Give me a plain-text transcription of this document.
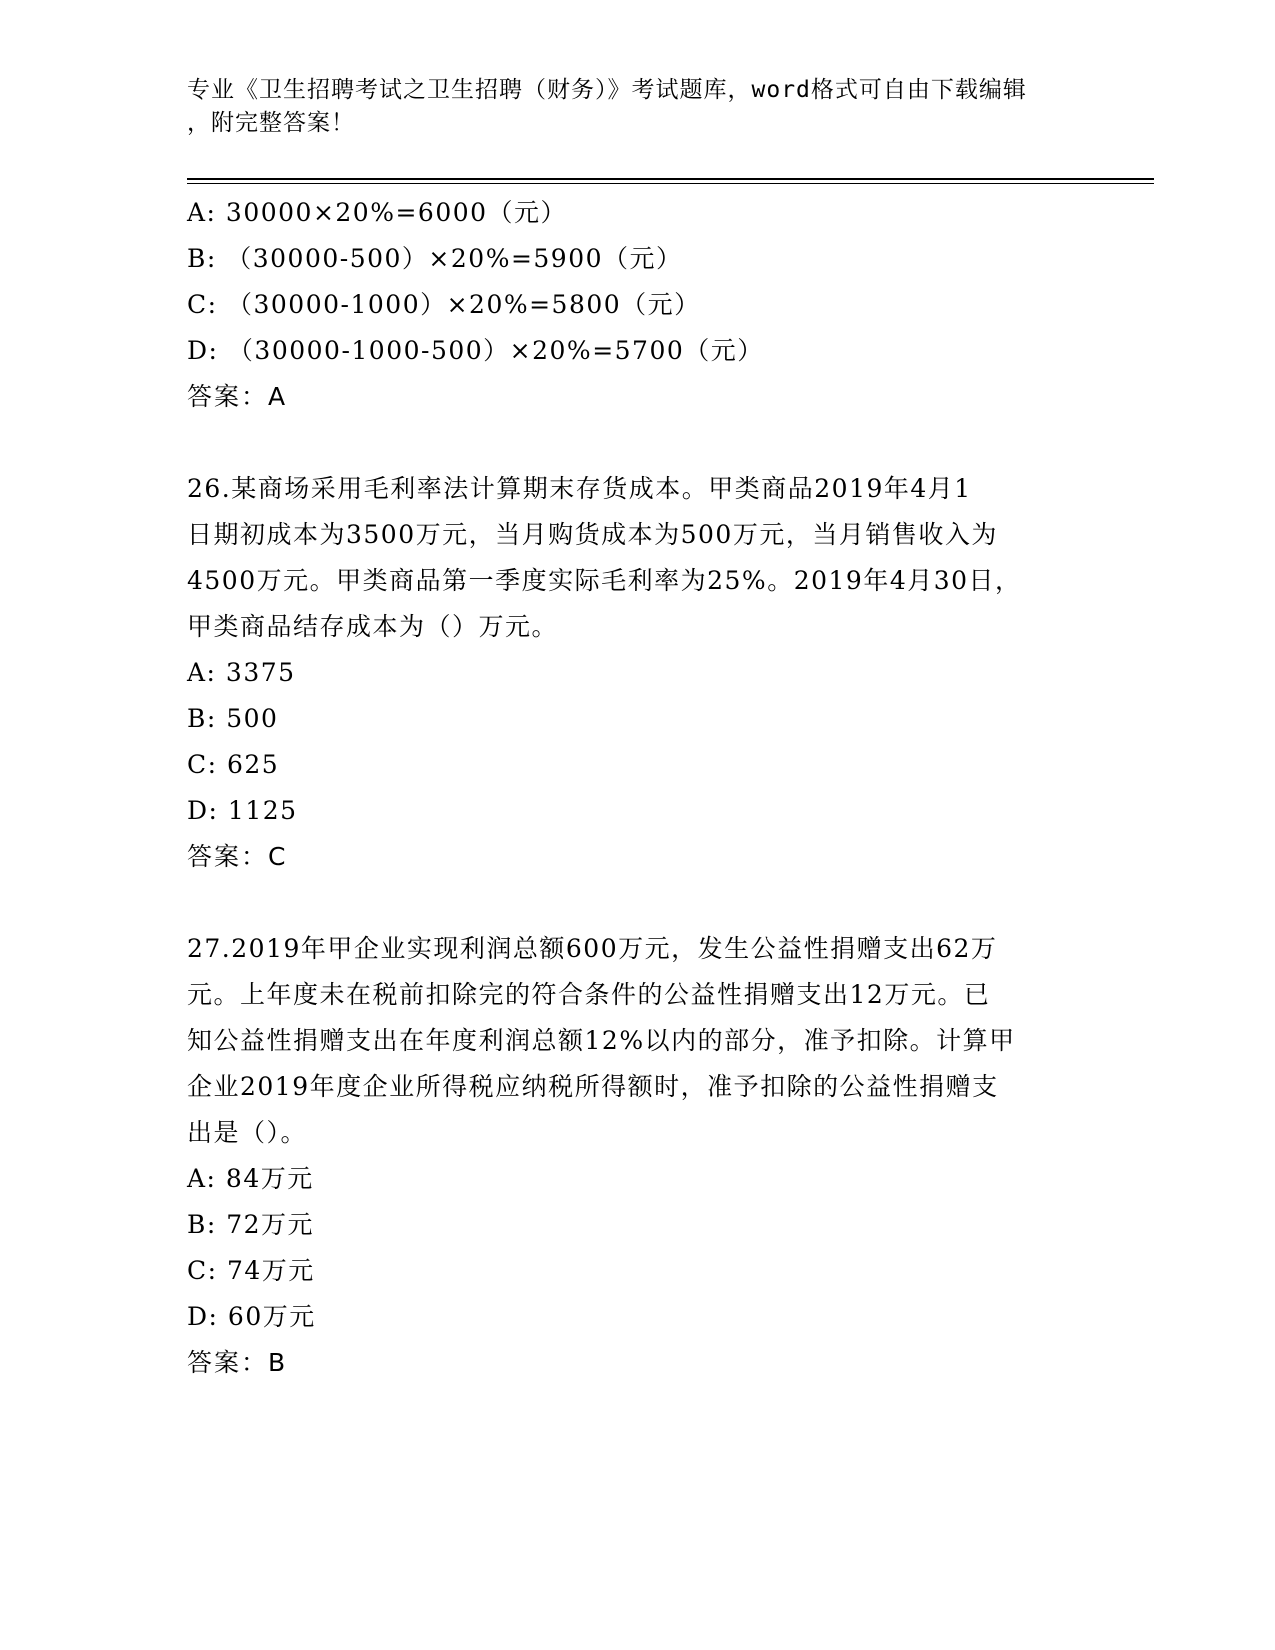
专业《卫生招聘考试之卫生招聘（财务）》考试题库，word格式可自由下载编辑
，附完整答案！
A: 30000×20%=6000（元）
B: （30000-500）×20%=5900（元）
C: （30000-1000）×20%=5800（元）
D: （30000-1000-500）×20%=5700（元）
答案：A
26.某商场采用毛利率法计算期末存货成本。甲类商品2019年4月1
日期初成本为3500万元，当月购货成本为500万元，当月销售收入为
4500万元。甲类商品第一季度实际毛利率为25%。2019年4月30日，
甲类商品结存成本为（）万元。
A: 3375
B: 500
C: 625
D: 1125
答案：C
27.2019年甲企业实现利润总额600万元，发生公益性捐赠支出62万
元。上年度未在税前扣除完的符合条件的公益性捐赠支出12万元。已
知公益性捐赠支出在年度利润总额12%以内的部分，准予扣除。计算甲
企业2019年度企业所得税应纳税所得额时，准予扣除的公益性捐赠支
出是（）。
A: 84万元
B: 72万元
C: 74万元
D: 60万元
答案：B
